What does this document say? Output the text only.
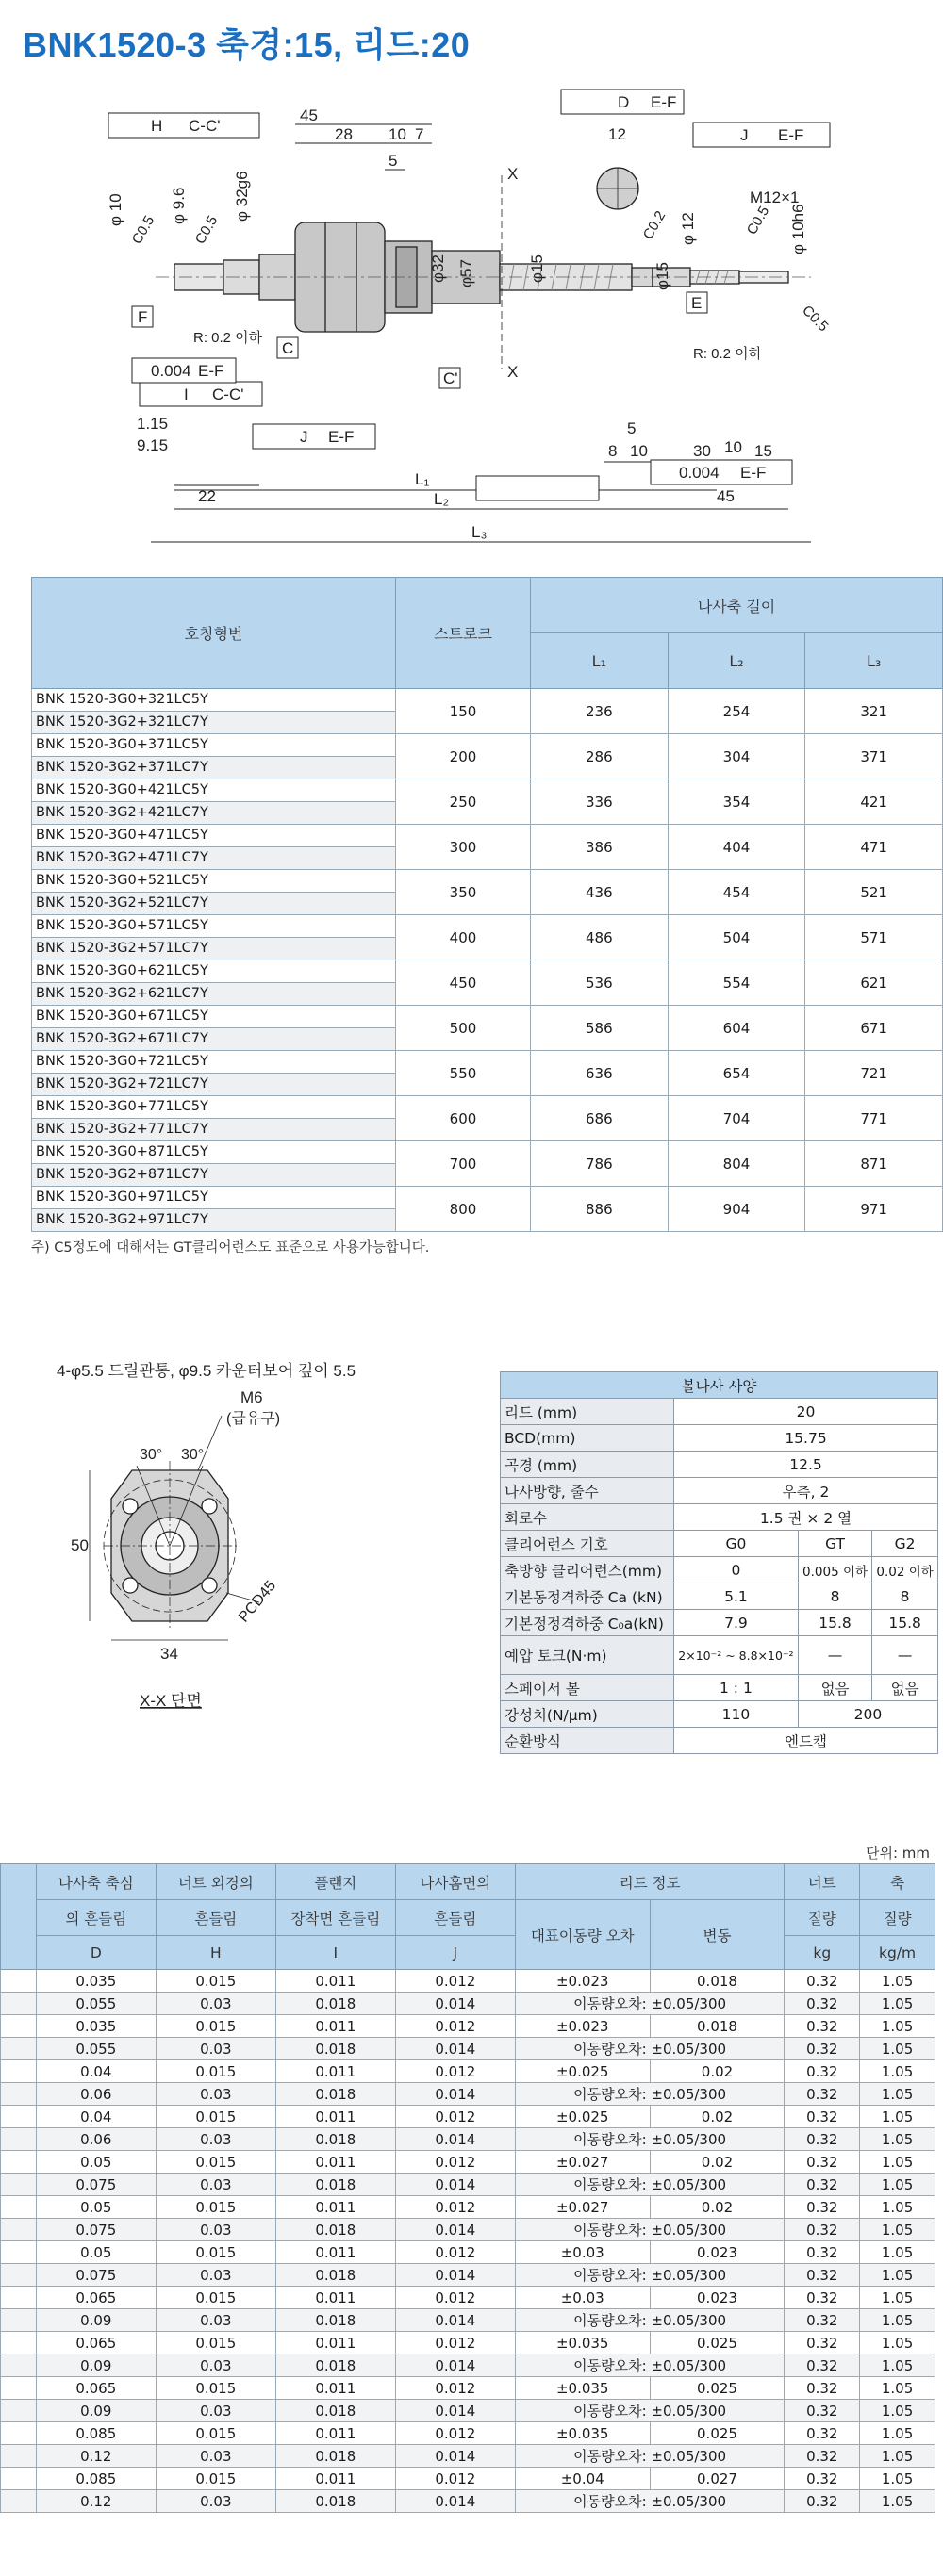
BNK1520-3 축경:15, 리드:20
45
28 10 7
5
22
L₁
L₂
L₃
8 10
5
30	15
45
10
φ 10	φ 9.6	φ 32g6
φ32 φ57	φ15	φ15
φ 12	φ 10h6
C0.5 C0.5	C0.5
C0.5
C0.2
M12×1
12
R: 0.2 이하
R: 0.2 이하
H C-C'
D E-F
J E-F
I C-C'
J E-F
0.004 E-F
0.004 E-F
1.15
9.15
F
E
C
C'
X
X
호칭형번	스트로크	나사축 길이		
		L₁	L₂	L₃
BNK 1520-3G0+321LC5Y	150	236	254	321
BNK 1520-3G2+321LC7Y				
BNK 1520-3G0+371LC5Y	200	286	304	371
BNK 1520-3G2+371LC7Y				
BNK 1520-3G0+421LC5Y	250	336	354	421
BNK 1520-3G2+421LC7Y				
BNK 1520-3G0+471LC5Y	300	386	404	471
BNK 1520-3G2+471LC7Y				
BNK 1520-3G0+521LC5Y	350	436	454	521
BNK 1520-3G2+521LC7Y				
BNK 1520-3G0+571LC5Y	400	486	504	571
BNK 1520-3G2+571LC7Y				
BNK 1520-3G0+621LC5Y	450	536	554	621
BNK 1520-3G2+621LC7Y				
BNK 1520-3G0+671LC5Y	500	586	604	671
BNK 1520-3G2+671LC7Y				
BNK 1520-3G0+721LC5Y	550	636	654	721
BNK 1520-3G2+721LC7Y				
BNK 1520-3G0+771LC5Y	600	686	704	771
BNK 1520-3G2+771LC7Y				
BNK 1520-3G0+871LC5Y	700	786	804	871
BNK 1520-3G2+871LC7Y				
BNK 1520-3G0+971LC5Y	800	886	904	971
BNK 1520-3G2+971LC7Y				
주) C5정도에 대해서는 GT클리어런스도 표준으로 사용가능합니다.
4-φ5.5 드릴관통, φ9.5 카운터보어 깊이 5.5
M6
(급유구)
30° 30°
50
34
PCD45
X-X 단면
볼나사 사양			
리드 (mm)	20		
BCD(mm)	15.75		
곡경 (mm)	12.5		
나사방향, 줄수	우측, 2		
회로수	1.5 권 × 2 열		
클리어런스 기호	G0	GT	G2
축방향 클리어런스(mm)	0	0.005 이하	0.02 이하
기본동정격하중 Ca (kN)	5.1	8	8
기본정정격하중 C₀a(kN)	7.9	15.8	15.8
예압 토크(N·m)	2×10⁻² ~ 8.8×10⁻²	—	—
스페이서 볼	1 : 1	없음	없음
강성치(N/μm)	110	200	
순환방식	엔드캡		
단위: mm
	나사축 축심	너트 외경의	플랜지	나사홈면의	리드 정도		너트	축
	의 흔들림	흔들림	장착면 흔들림	흔들림	대표이동량 오차	변동	질량	질량
	D	H	I	J			kg	kg/m
	0.035	0.015	0.011	0.012	±0.023	0.018	0.32	1.05
	0.055	0.03	0.018	0.014	이동량오차: ±0.05/300		0.32	1.05
	0.035	0.015	0.011	0.012	±0.023	0.018	0.32	1.05
	0.055	0.03	0.018	0.014	이동량오차: ±0.05/300		0.32	1.05
	0.04	0.015	0.011	0.012	±0.025	0.02	0.32	1.05
	0.06	0.03	0.018	0.014	이동량오차: ±0.05/300		0.32	1.05
	0.04	0.015	0.011	0.012	±0.025	0.02	0.32	1.05
	0.06	0.03	0.018	0.014	이동량오차: ±0.05/300		0.32	1.05
	0.05	0.015	0.011	0.012	±0.027	0.02	0.32	1.05
	0.075	0.03	0.018	0.014	이동량오차: ±0.05/300		0.32	1.05
	0.05	0.015	0.011	0.012	±0.027	0.02	0.32	1.05
	0.075	0.03	0.018	0.014	이동량오차: ±0.05/300		0.32	1.05
	0.05	0.015	0.011	0.012	±0.03	0.023	0.32	1.05
	0.075	0.03	0.018	0.014	이동량오차: ±0.05/300		0.32	1.05
	0.065	0.015	0.011	0.012	±0.03	0.023	0.32	1.05
	0.09	0.03	0.018	0.014	이동량오차: ±0.05/300		0.32	1.05
	0.065	0.015	0.011	0.012	±0.035	0.025	0.32	1.05
	0.09	0.03	0.018	0.014	이동량오차: ±0.05/300		0.32	1.05
	0.065	0.015	0.011	0.012	±0.035	0.025	0.32	1.05
	0.09	0.03	0.018	0.014	이동량오차: ±0.05/300		0.32	1.05
	0.085	0.015	0.011	0.012	±0.035	0.025	0.32	1.05
	0.12	0.03	0.018	0.014	이동량오차: ±0.05/300		0.32	1.05
	0.085	0.015	0.011	0.012	±0.04	0.027	0.32	1.05
	0.12	0.03	0.018	0.014	이동량오차: ±0.05/300		0.32	1.05
